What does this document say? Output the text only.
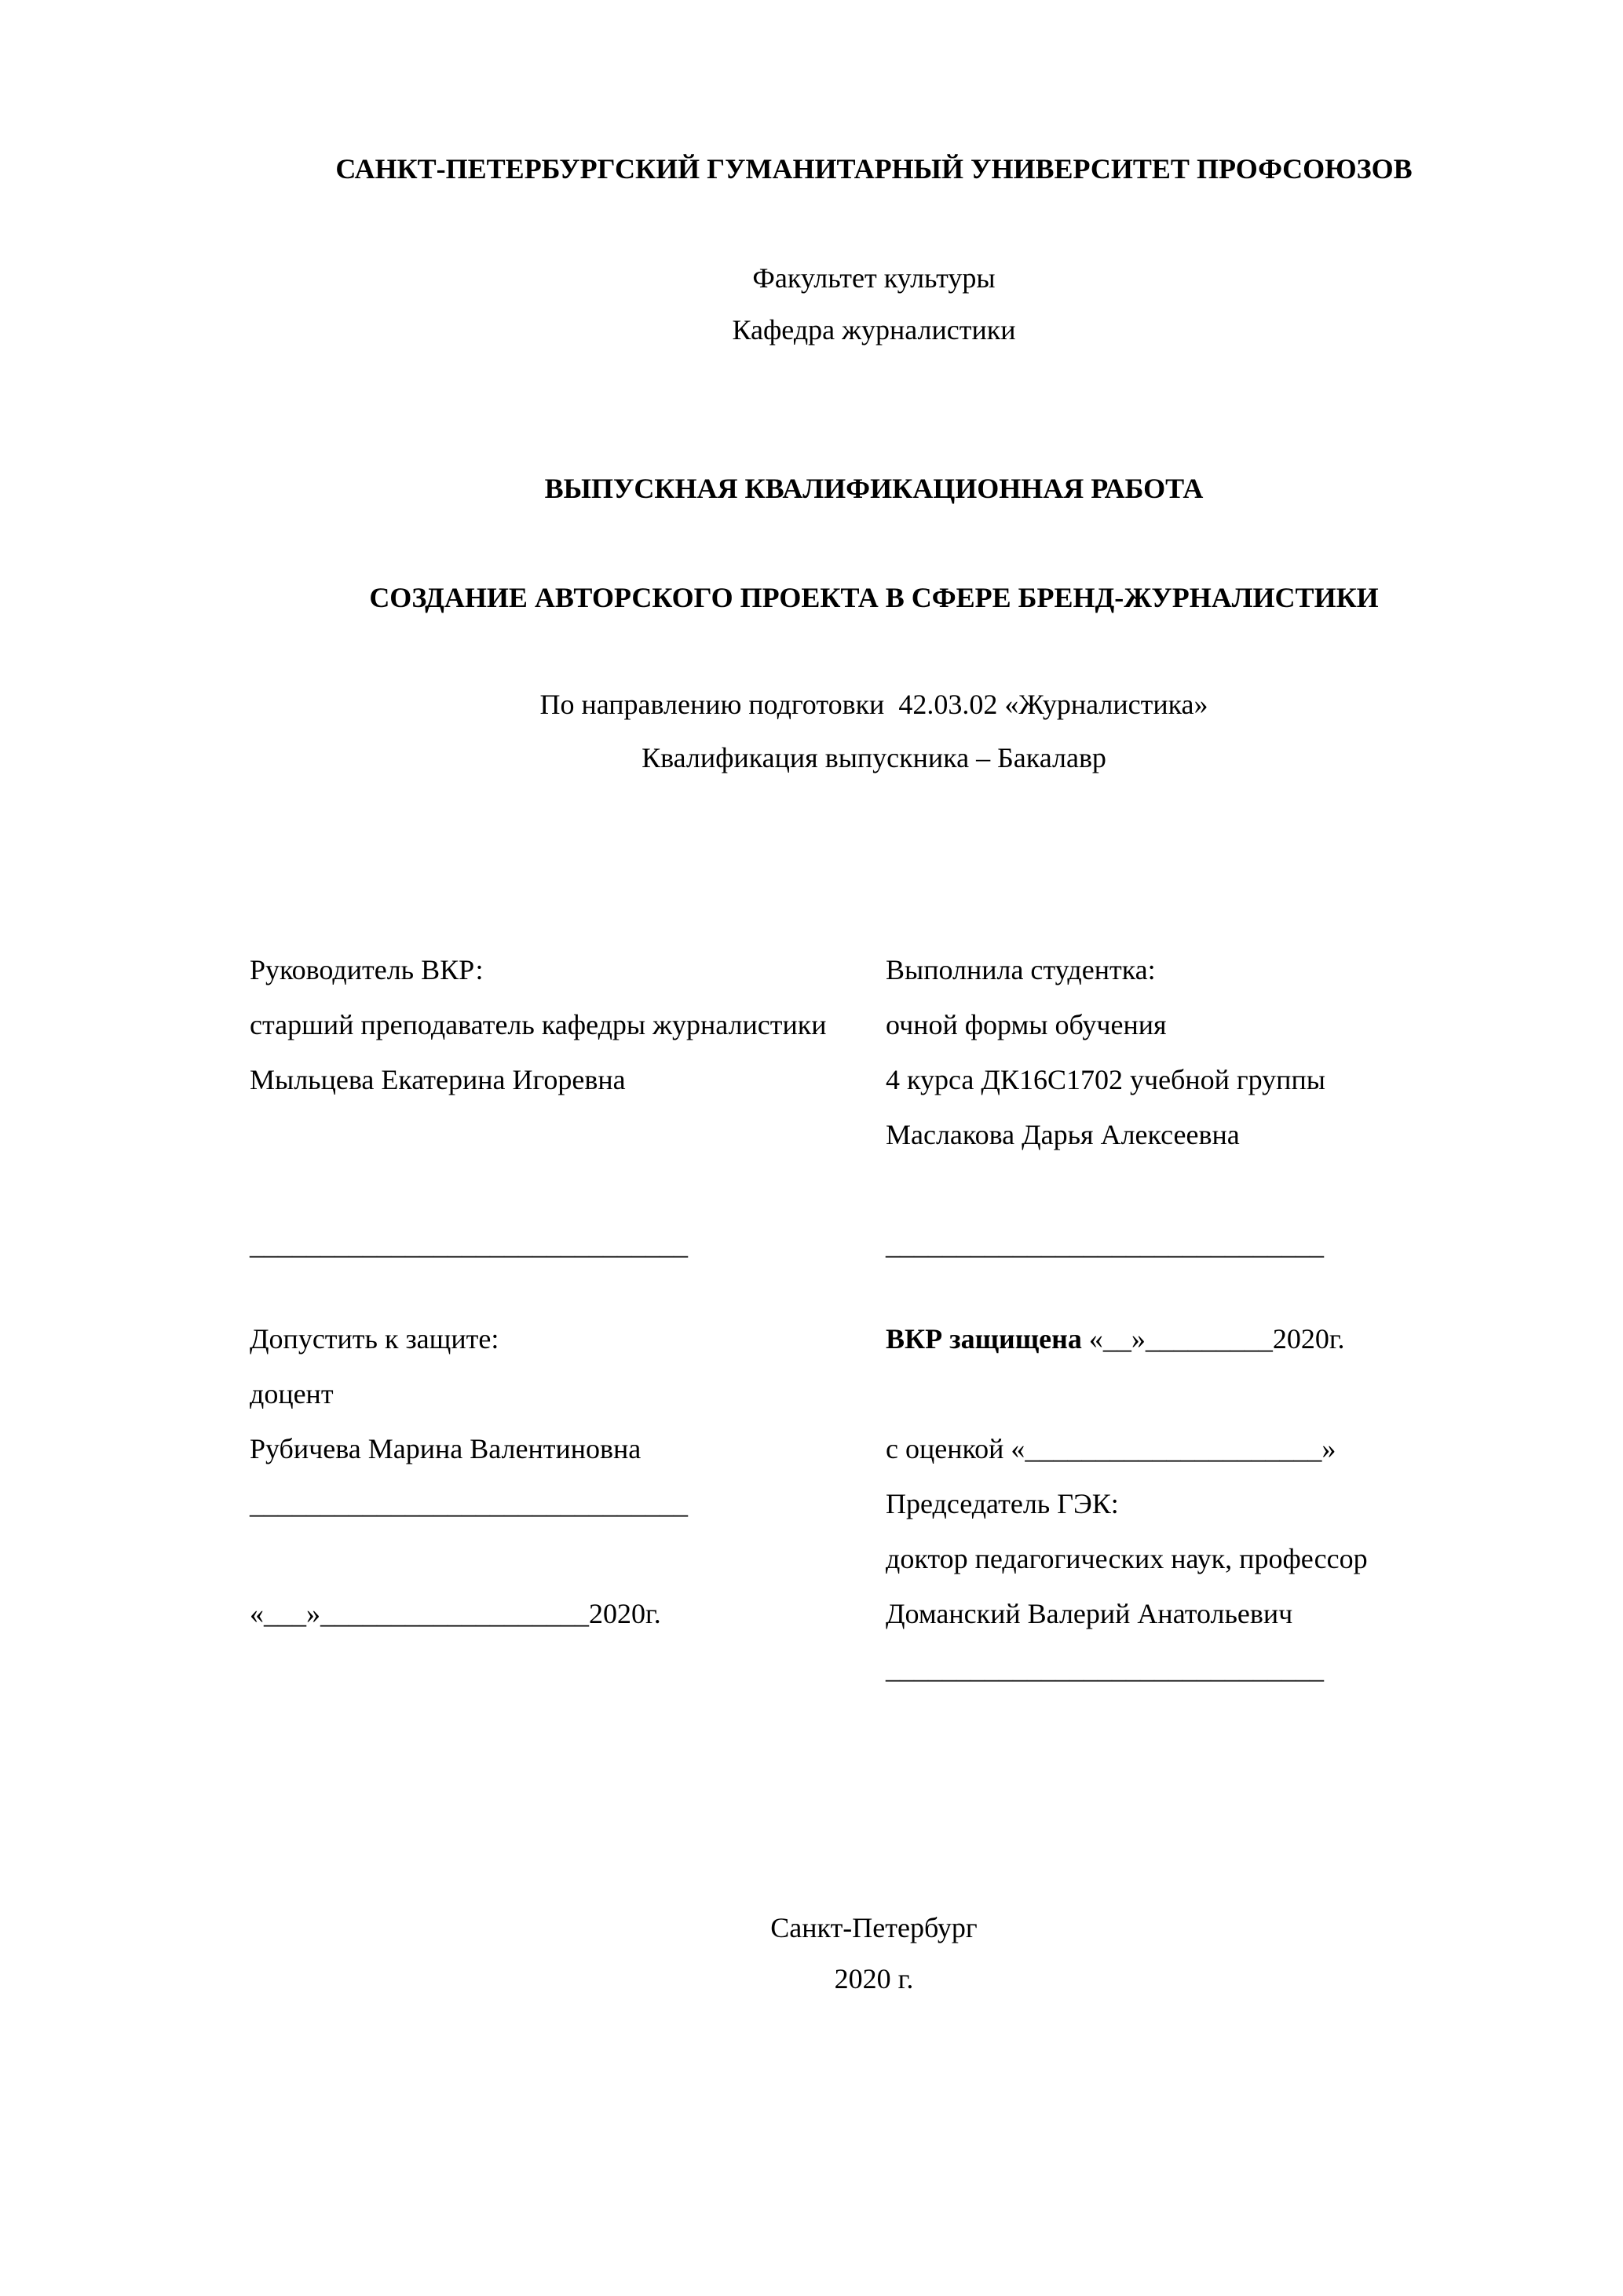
САНКТ-ПЕТЕРБУРГСКИЙ ГУМАНИТАРНЫЙ УНИВЕРСИТЕТ ПРОФСОЮЗОВ
Факультет культуры
Кафедра журналистики
ВЫПУСКНАЯ КВАЛИФИКАЦИОННАЯ РАБОТА
СОЗДАНИЕ АВТОРСКОГО ПРОЕКТА В СФЕРЕ БРЕНД-ЖУРНАЛИСТИКИ
По направлению подготовки  42.03.02 «Журналистика»
Квалификация выпускника – Бакалавр
Руководитель ВКР:
старший преподаватель кафедры журналистики
Мыльцева Екатерина Игоревна
_______________________________
Выполнила студентка:
очной формы обучения
4 курса ДК16С1702 учебной группы
Маслакова Дарья Алексеевна
_______________________________
Допустить к защите:
доцент
Рубичева Марина Валентиновна
_______________________________
«___»___________________2020г.
ВКР защищена «__»_________2020г.
с оценкой «_____________________»
Председатель ГЭК:
доктор педагогических наук, профессор
Доманский Валерий Анатольевич
_______________________________
Санкт-Петербург
2020 г.
